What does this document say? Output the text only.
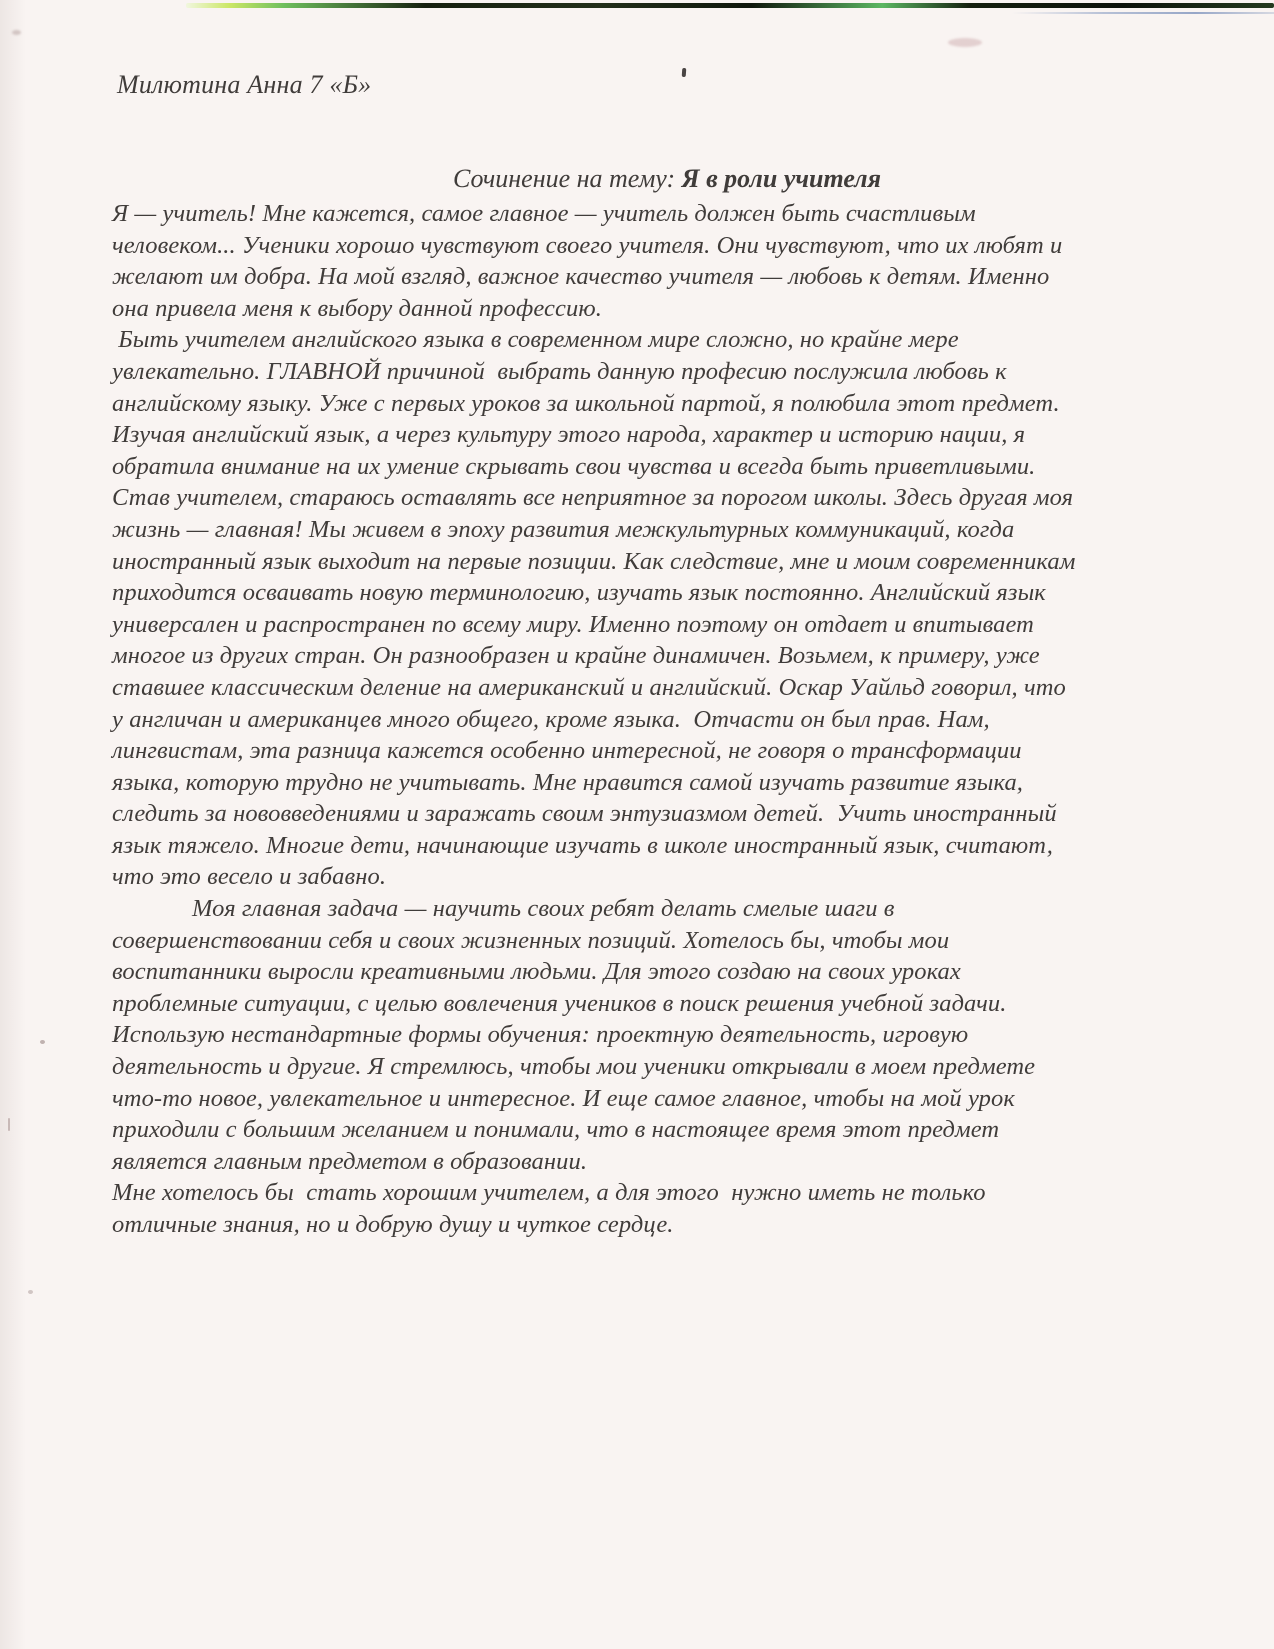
Милютина Анна 7 «Б»

Сочинение на тему: Я в роли учителя

Я — учитель! Мне кажется, самое главное — учитель должен быть счастливым
человеком... Ученики хорошо чувствуют своего учителя. Они чувствуют, что их любят и
желают им добра. На мой взгляд, важное качество учителя — любовь к детям. Именно
она привела меня к выбору данной профессию.
Быть учителем английского языка в современном мире сложно, но крайне мере
увлекательно. ГЛАВНОЙ причиной  выбрать данную професию послужила любовь к
английскому языку. Уже с первых уроков за школьной партой, я полюбила этот предмет.
Изучая английский язык, а через культуру этого народа, характер и историю нации, я
обратила внимание на их умение скрывать свои чувства и всегда быть приветливыми.
Став учителем, стараюсь оставлять все неприятное за порогом школы. Здесь другая моя
жизнь — главная! Мы живем в эпоху развития межкультурных коммуникаций, когда
иностранный язык выходит на первые позиции. Как следствие, мне и моим современникам
приходится осваивать новую терминологию, изучать язык постоянно. Английский язык
универсален и распространен по всему миру. Именно поэтому он отдает и впитывает
многое из других стран. Он разнообразен и крайне динамичен. Возьмем, к примеру, уже
ставшее классическим деление на американский и английский. Оскар Уайльд говорил, что
у англичан и американцев много общего, кроме языка.  Отчасти он был прав. Нам,
лингвистам, эта разница кажется особенно интересной, не говоря о трансформации
языка, которую трудно не учитывать. Мне нравится самой изучать развитие языка,
следить за нововведениями и заражать своим энтузиазмом детей.  Учить иностранный
язык тяжело. Многие дети, начинающие изучать в школе иностранный язык, считают,
что это весело и забавно.
Моя главная задача — научить своих ребят делать смелые шаги в
совершенствовании себя и своих жизненных позиций. Хотелось бы, чтобы мои
воспитанники выросли креативными людьми. Для этого создаю на своих уроках
проблемные ситуации, с целью вовлечения учеников в поиск решения учебной задачи.
Использую нестандартные формы обучения: проектную деятельность, игровую
деятельность и другие. Я стремлюсь, чтобы мои ученики открывали в моем предмете
что-то новое, увлекательное и интересное. И еще самое главное, чтобы на мой урок
приходили с большим желанием и понимали, что в настоящее время этот предмет
является главным предметом в образовании.
Мне хотелось бы  стать хорошим учителем, а для этого  нужно иметь не только
отличные знания, но и добрую душу и чуткое сердце.
